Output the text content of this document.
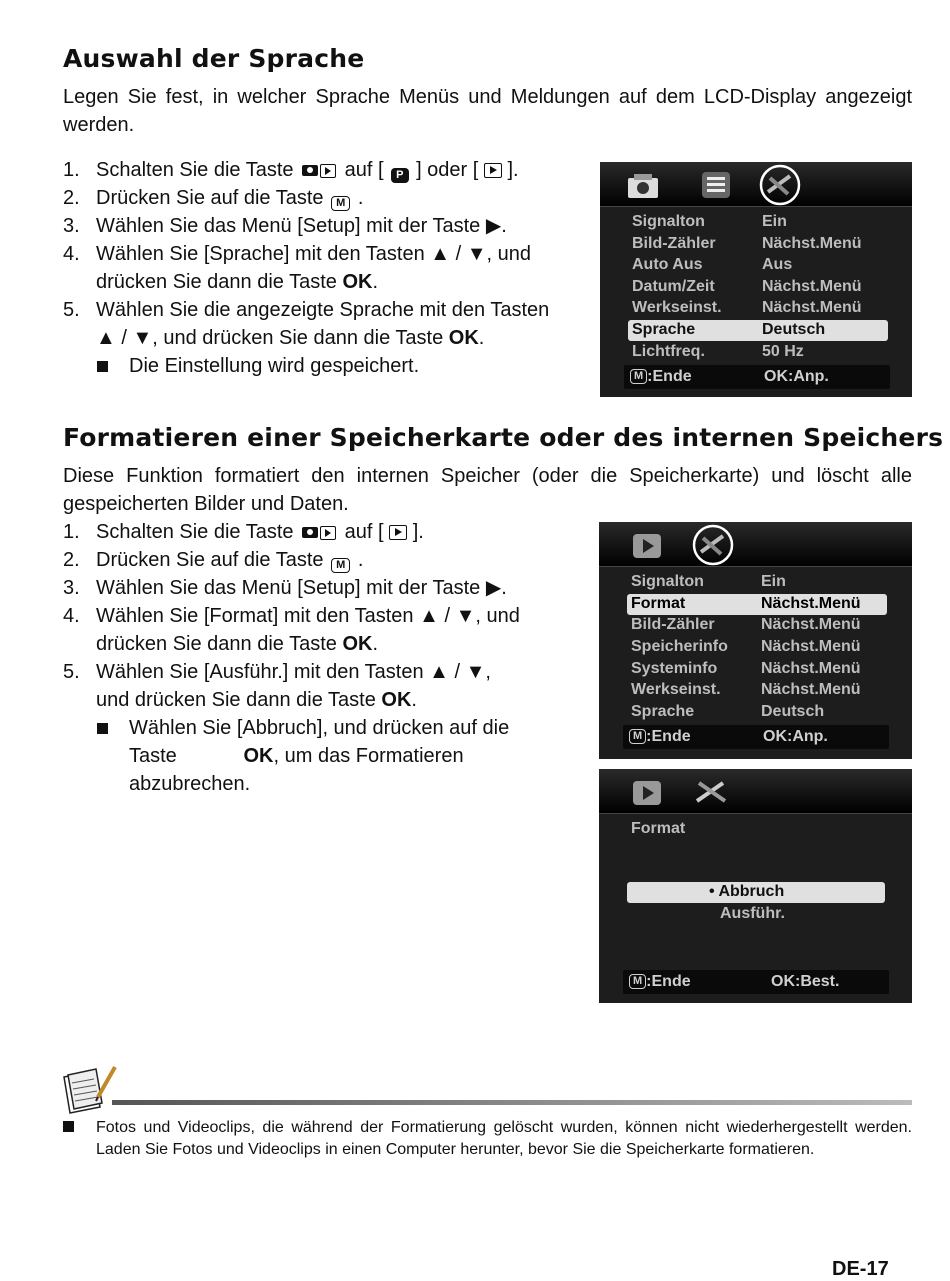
Auswahl der Sprache

Legen Sie fest, in welcher Sprache Menüs und Meldungen auf dem LCD-Display angezeigt werden.

1. Schalten Sie die Taste	auf [ P ] oder [ ].
2. Drücken Sie auf die Taste M .
3. Wählen Sie das Menü [Setup] mit der Taste ▶.
4. Wählen Sie [Sprache] mit den Tasten ▲ / ▼, und
drücken Sie dann die Taste OK.
5. Wählen Sie die angezeigte Sprache mit den Tasten
▲ / ▼, und drücken Sie dann die Taste OK.
Die Einstellung wird gespeichert.
Signalton	Ein
Bild-Zähler	Nächst.Menü
Auto Aus	Aus
Datum/Zeit	Nächst.Menü
Werkseinst.	Nächst.Menü
Sprache	Deutsch
Lichtfreq.	50 Hz
M :Ende	OK:Anp.
Formatieren einer Speicherkarte oder des internen Speichers

Diese Funktion formatiert den internen Speicher (oder die Speicherkarte) und löscht alle gespeicherten Bilder und Daten.

1. Schalten Sie die Taste	auf [ ].
2. Drücken Sie auf die Taste M .
3. Wählen Sie das Menü [Setup] mit der Taste ▶.
4. Wählen Sie [Format] mit den Tasten ▲ / ▼, und
drücken Sie dann die Taste OK.
5. Wählen Sie [Ausführ.] mit den Tasten ▲ / ▼,
und drücken Sie dann die Taste OK.
Wählen Sie [Abbruch], und drücken auf die
Taste	OK, um das Formatieren
abzubrechen.
Signalton	Ein
Format	Nächst.Menü
Bild-Zähler	Nächst.Menü
Speicherinfo Nächst.Menü
Systeminfo	Nächst.Menü
Werkseinst.	Nächst.Menü
Sprache	Deutsch
M :Ende	OK:Anp.
Format
• Abbruch
Ausführ.
M :Ende	OK:Best.
Fotos und Videoclips, die während der Formatierung gelöscht wurden, können nicht wiederhergestellt werden. Laden Sie Fotos und Videoclips in einen Computer herunter, bevor Sie die Speicherkarte formatieren.
DE-17
